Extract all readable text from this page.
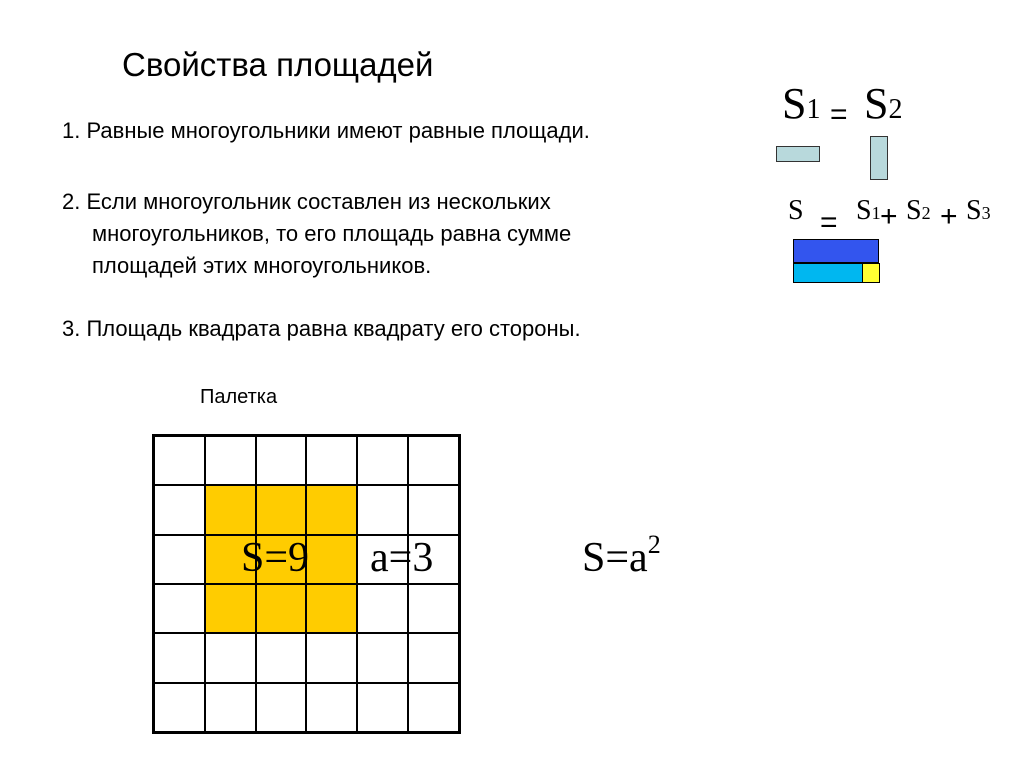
Свойства площадей
1. Равные многоугольники имеют равные площади.
2. Если многоугольник составлен из нескольких
многоугольников, то его площадь равна сумме
площадей этих многоугольников.
3. Площадь квадрата равна квадрату его стороны.
S1 = S2
S = S1 + S2 + S3
Палетка
S=9 a=3	$S=a^2$
